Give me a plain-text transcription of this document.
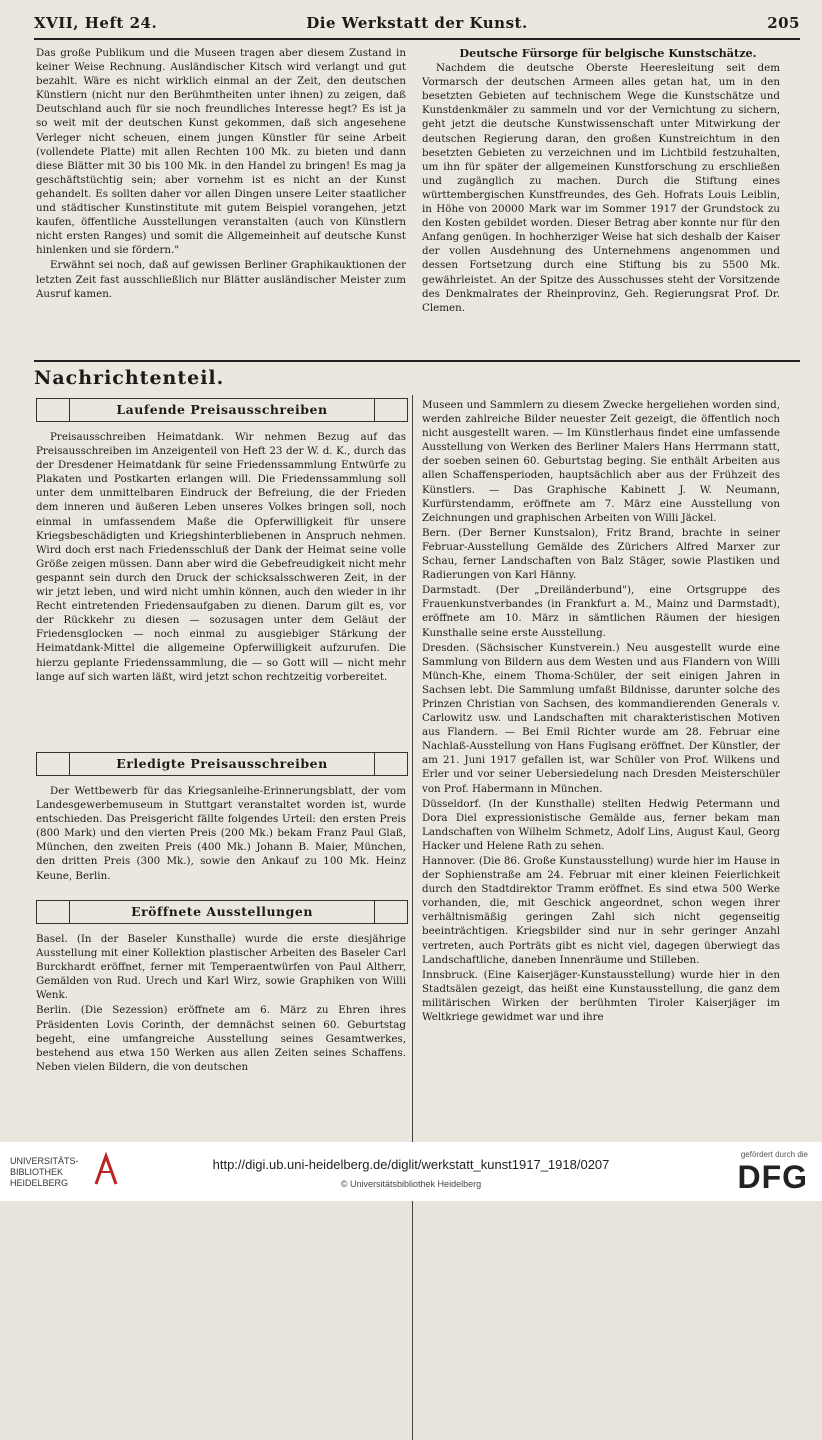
XVII, Heft 24.	Die Werkstatt der Kunst.	205

Das große Publikum und die Museen tragen aber diesem Zustand in keiner Weise Rechnung. Ausländischer Kitsch wird verlangt und gut bezahlt. Wäre es nicht wirklich einmal an der Zeit, den deutschen Künstlern (nicht nur den Berühmtheiten unter ihnen) zu zeigen, daß Deutschland auch für sie noch freundliches Interesse hegt? Es ist ja so weit mit der deutschen Kunst gekommen, daß sich angesehene Verleger nicht scheuen, einem jungen Künstler für seine Arbeit (vollendete Platte) mit allen Rechten 100 Mk. zu bieten und dann diese Blätter mit 30 bis 100 Mk. in den Handel zu bringen! Es mag ja geschäftstüchtig sein; aber vornehm ist es nicht an der Kunst gehandelt. Es sollten daher vor allen Dingen unsere Leiter staatlicher und städtischer Kunstinstitute mit gutem Beispiel vorangehen, jetzt kaufen, öffentliche Ausstellungen veranstalten (auch von Künstlern nicht ersten Ranges) und somit die Allgemeinheit auf deutsche Kunst hinlenken und sie fördern."

Erwähnt sei noch, daß auf gewissen Berliner Graphikauktionen der letzten Zeit fast ausschließlich nur Blätter ausländischer Meister zum Ausruf kamen.

Deutsche Fürsorge für belgische Kunstschätze.

Nachdem die deutsche Oberste Heeresleitung seit dem Vormarsch der deutschen Armeen alles getan hat, um in den besetzten Gebieten auf technischem Wege die Kunstschätze und Kunstdenkmäler zu sammeln und vor der Vernichtung zu sichern, geht jetzt die deutsche Kunstwissenschaft unter Mitwirkung der deutschen Regierung daran, den großen Kunstreichtum in den besetzten Gebieten zu verzeichnen und im Lichtbild festzuhalten, um ihn für später der allgemeinen Kunstforschung zu erschließen und zugänglich zu machen. Durch die Stiftung eines württembergischen Kunstfreundes, des Geh. Hofrats Louis Leiblin, in Höhe von 20000 Mark war im Sommer 1917 der Grundstock zu den Kosten gebildet worden. Dieser Betrag aber konnte nur für den Anfang genügen. In hochherziger Weise hat sich deshalb der Kaiser der vollen Ausdehnung des Unternehmens angenommen und dessen Fortsetzung durch eine Stiftung bis zu 5500 Mk. gewährleistet. An der Spitze des Ausschusses steht der Vorsitzende des Denkmalrates der Rheinprovinz, Geh. Regierungsrat Prof. Dr. Clemen.

Nachrichtenteil.
Laufende Preisausschreiben

Preisausschreiben Heimatdank. Wir nehmen Bezug auf das Preisausschreiben im Anzeigenteil von Heft 23 der W. d. K., durch das der Dresdener Heimatdank für seine Friedenssammlung Entwürfe zu Plakaten und Postkarten erlangen will. Die Friedenssammlung soll unter dem unmittelbaren Eindruck der Befreiung, die der Frieden dem inneren und äußeren Leben unseres Volkes bringen soll, noch einmal in umfassendem Maße die Opferwilligkeit für unsere Kriegsbeschädigten und Kriegshinterbliebenen in Anspruch nehmen. Wird doch erst nach Friedensschluß der Dank der Heimat seine volle Größe zeigen müssen. Dann aber wird die Gebefreudigkeit nicht mehr gespannt sein durch den Druck der schicksalsschweren Zeit, in der wir jetzt leben, und wird nicht umhin können, auch den wieder in ihr Recht eintretenden Friedensaufgaben zu dienen. Darum gilt es, vor der Rückkehr zu diesen — sozusagen unter dem Geläut der Friedensglocken — noch einmal zu ausgiebiger Stärkung der Heimatdank-Mittel die allgemeine Opferwilligkeit aufzurufen. Die hierzu geplante Friedenssammlung, die — so Gott will — nicht mehr lange auf sich warten läßt, wird jetzt schon rechtzeitig vorbereitet.

Erledigte Preisausschreiben

Der Wettbewerb für das Kriegsanleihe-Erinnerungsblatt, der vom Landesgewerbemuseum in Stuttgart veranstaltet worden ist, wurde entschieden. Das Preisgericht fällte folgendes Urteil: den ersten Preis (800 Mark) und den vierten Preis (200 Mk.) bekam Franz Paul Glaß, München, den zweiten Preis (400 Mk.) Johann B. Maier, München, den dritten Preis (300 Mk.), sowie den Ankauf zu 100 Mk. Heinz Keune, Berlin.

Eröffnete Ausstellungen

Basel. (In der Baseler Kunsthalle) wurde die erste diesjährige Ausstellung mit einer Kollektion plastischer Arbeiten des Baseler Carl Burckhardt eröffnet, ferner mit Temperaentwürfen von Paul Altherr, Gemälden von Rud. Urech und Karl Wirz, sowie Graphiken von Willi Wenk.

Berlin. (Die Sezession) eröffnete am 6. März zu Ehren ihres Präsidenten Lovis Corinth, der demnächst seinen 60. Geburtstag begeht, eine umfangreiche Ausstellung seines Gesamtwerkes, bestehend aus etwa 150 Werken aus allen Zeiten seines Schaffens. Neben vielen Bildern, die von deutschen

Museen und Sammlern zu diesem Zwecke hergeliehen worden sind, werden zahlreiche Bilder neuester Zeit gezeigt, die öffentlich noch nicht ausgestellt waren. — Im Künstlerhaus findet eine umfassende Ausstellung von Werken des Berliner Malers Hans Herrmann statt, der soeben seinen 60. Geburtstag beging. Sie enthält Arbeiten aus allen Schaffensperioden, hauptsächlich aber aus der Frühzeit des Künstlers. — Das Graphische Kabinett J. W. Neumann, Kurfürstendamm, eröffnete am 7. März eine Ausstellung von Zeichnungen und graphischen Arbeiten von Willi Jäckel.

Bern. (Der Berner Kunstsalon), Fritz Brand, brachte in seiner Februar-Ausstellung Gemälde des Zürichers Alfred Marxer zur Schau, ferner Landschaften von Balz Stäger, sowie Plastiken und Radierungen von Karl Hänny.

Darmstadt. (Der „Dreiländerbund"), eine Ortsgruppe des Frauenkunstverbandes (in Frankfurt a. M., Mainz und Darmstadt), eröffnete am 10. März in sämtlichen Räumen der hiesigen Kunsthalle seine erste Ausstellung.

Dresden. (Sächsischer Kunstverein.) Neu ausgestellt wurde eine Sammlung von Bildern aus dem Westen und aus Flandern von Willi Münch-Khe, einem Thoma-Schüler, der seit einigen Jahren in Sachsen lebt. Die Sammlung umfaßt Bildnisse, darunter solche des Prinzen Christian von Sachsen, des kommandierenden Generals v. Carlowitz usw. und Landschaften mit charakteristischen Motiven aus Flandern. — Bei Emil Richter wurde am 28. Februar eine Nachlaß-Ausstellung von Hans Fuglsang eröffnet. Der Künstler, der am 21. Juni 1917 gefallen ist, war Schüler von Prof. Wilkens und Erler und vor seiner Uebersiedelung nach Dresden Meisterschüler von Prof. Habermann in München.

Düsseldorf. (In der Kunsthalle) stellten Hedwig Petermann und Dora Diel expressionistische Gemälde aus, ferner bekam man Landschaften von Wilhelm Schmetz, Adolf Lins, August Kaul, Georg Hacker und Helene Rath zu sehen.

Hannover. (Die 86. Große Kunstausstellung) wurde hier im Hause in der Sophienstraße am 24. Februar mit einer kleinen Feierlichkeit durch den Stadtdirektor Tramm eröffnet. Es sind etwa 500 Werke vorhanden, die, mit Geschick angeordnet, schon wegen ihrer verhältnismäßig geringen Zahl sich nicht gegenseitig beeinträchtigen. Kriegsbilder sind nur in sehr geringer Anzahl vertreten, auch Porträts gibt es nicht viel, dagegen überwiegt das Landschaftliche, daneben Innenräume und Stilleben.

Innsbruck. (Eine Kaiserjäger-Kunstausstellung) wurde hier in den Stadtsälen gezeigt, das heißt eine Kunstausstellung, die ganz dem militärischen Wirken der berühmten Tiroler Kaiserjäger im Weltkriege gewidmet war und ihre

UNIVERSITÄTS-
BIBLIOTHEK
HEIDELBERG
http://digi.ub.uni-heidelberg.de/diglit/werkstatt_kunst1917_1918/0207
© Universitätsbibliothek Heidelberg
gefördert durch die
DFG
